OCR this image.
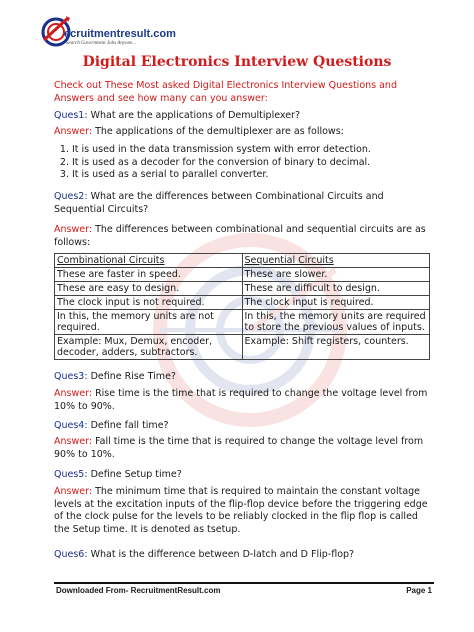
ecruitmentresult.com
Search Government Jobs Anyone...
Digital Electronics Interview Questions
Check out These Most asked Digital Electronics Interview Questions and Answers and see how many can you answer:
Ques1: What are the applications of Demultiplexer?
Answer: The applications of the demultiplexer are as follows:
1. It is used in the data transmission system with error detection.
2. It is used as a decoder for the conversion of binary to decimal.
3. It is used as a serial to parallel converter.
Ques2: What are the differences between Combinational Circuits and Sequential Circuits?
Answer: The differences between combinational and sequential circuits are as follows:
Combinational Circuits	Sequential Circuits
These are faster in speed.	These are slower.
These are easy to design.	These are difficult to design.
The clock input is not required.	The clock input is required.
In this, the memory units are not required.	In this, the memory units are required to store the previous values of inputs.
Example: Mux, Demux, encoder, decoder, adders, subtractors.	Example: Shift registers, counters.
Ques3: Define Rise Time?
Answer: Rise time is the time that is required to change the voltage level from 10% to 90%.
Ques4: Define fall time?
Answer: Fall time is the time that is required to change the voltage level from 90% to 10%.
Ques5: Define Setup time?
Answer: The minimum time that is required to maintain the constant voltage levels at the excitation inputs of the flip-flop device before the triggering edge of the clock pulse for the levels to be reliably clocked in the flip flop is called the Setup time. It is denoted as tsetup.
Ques6: What is the difference between D-latch and D Flip-flop?
Downloaded From- RecruitmentResult.com	Page 1
